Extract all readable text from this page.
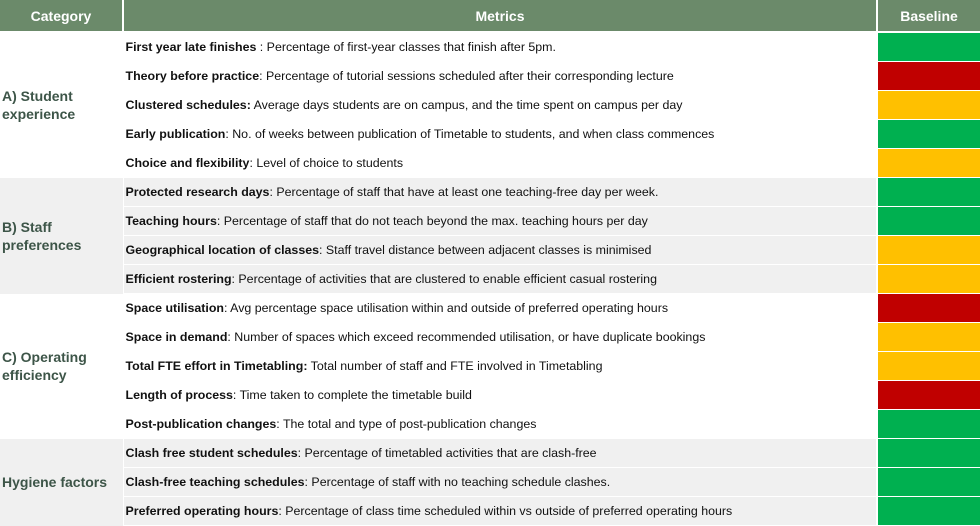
Category	Metrics	Baseline
A) Student experience	First year late finishes : Percentage of first-year classes that finish after 5pm.	
	Theory before practice: Percentage of tutorial sessions scheduled after their corresponding lecture	
	Clustered schedules: Average days students are on campus, and the time spent on campus per day	
	Early publication: No. of weeks between publication of Timetable to students, and when class commences	
	Choice and flexibility: Level of choice to students	
B) Staff preferences	Protected research days: Percentage of staff that have at least one teaching-free day per week.	
	Teaching hours: Percentage of staff that do not teach beyond the max. teaching hours per day	
	Geographical location of classes: Staff travel distance between adjacent classes is minimised	
	Efficient rostering: Percentage of activities that are clustered to enable efficient casual rostering	
C) Operating efficiency	Space utilisation: Avg percentage space utilisation within and outside of preferred operating hours	
	Space in demand: Number of spaces which exceed recommended utilisation, or have duplicate bookings	
	Total FTE effort in Timetabling: Total number of staff and FTE involved in Timetabling	
	Length of process: Time taken to complete the timetable build	
	Post-publication changes: The total and type of post-publication changes	
Hygiene factors	Clash free student schedules: Percentage of timetabled activities that are clash-free	
	Clash-free teaching schedules: Percentage of staff with no teaching schedule clashes.	
	Preferred operating hours: Percentage of class time scheduled within vs outside of preferred operating hours	
